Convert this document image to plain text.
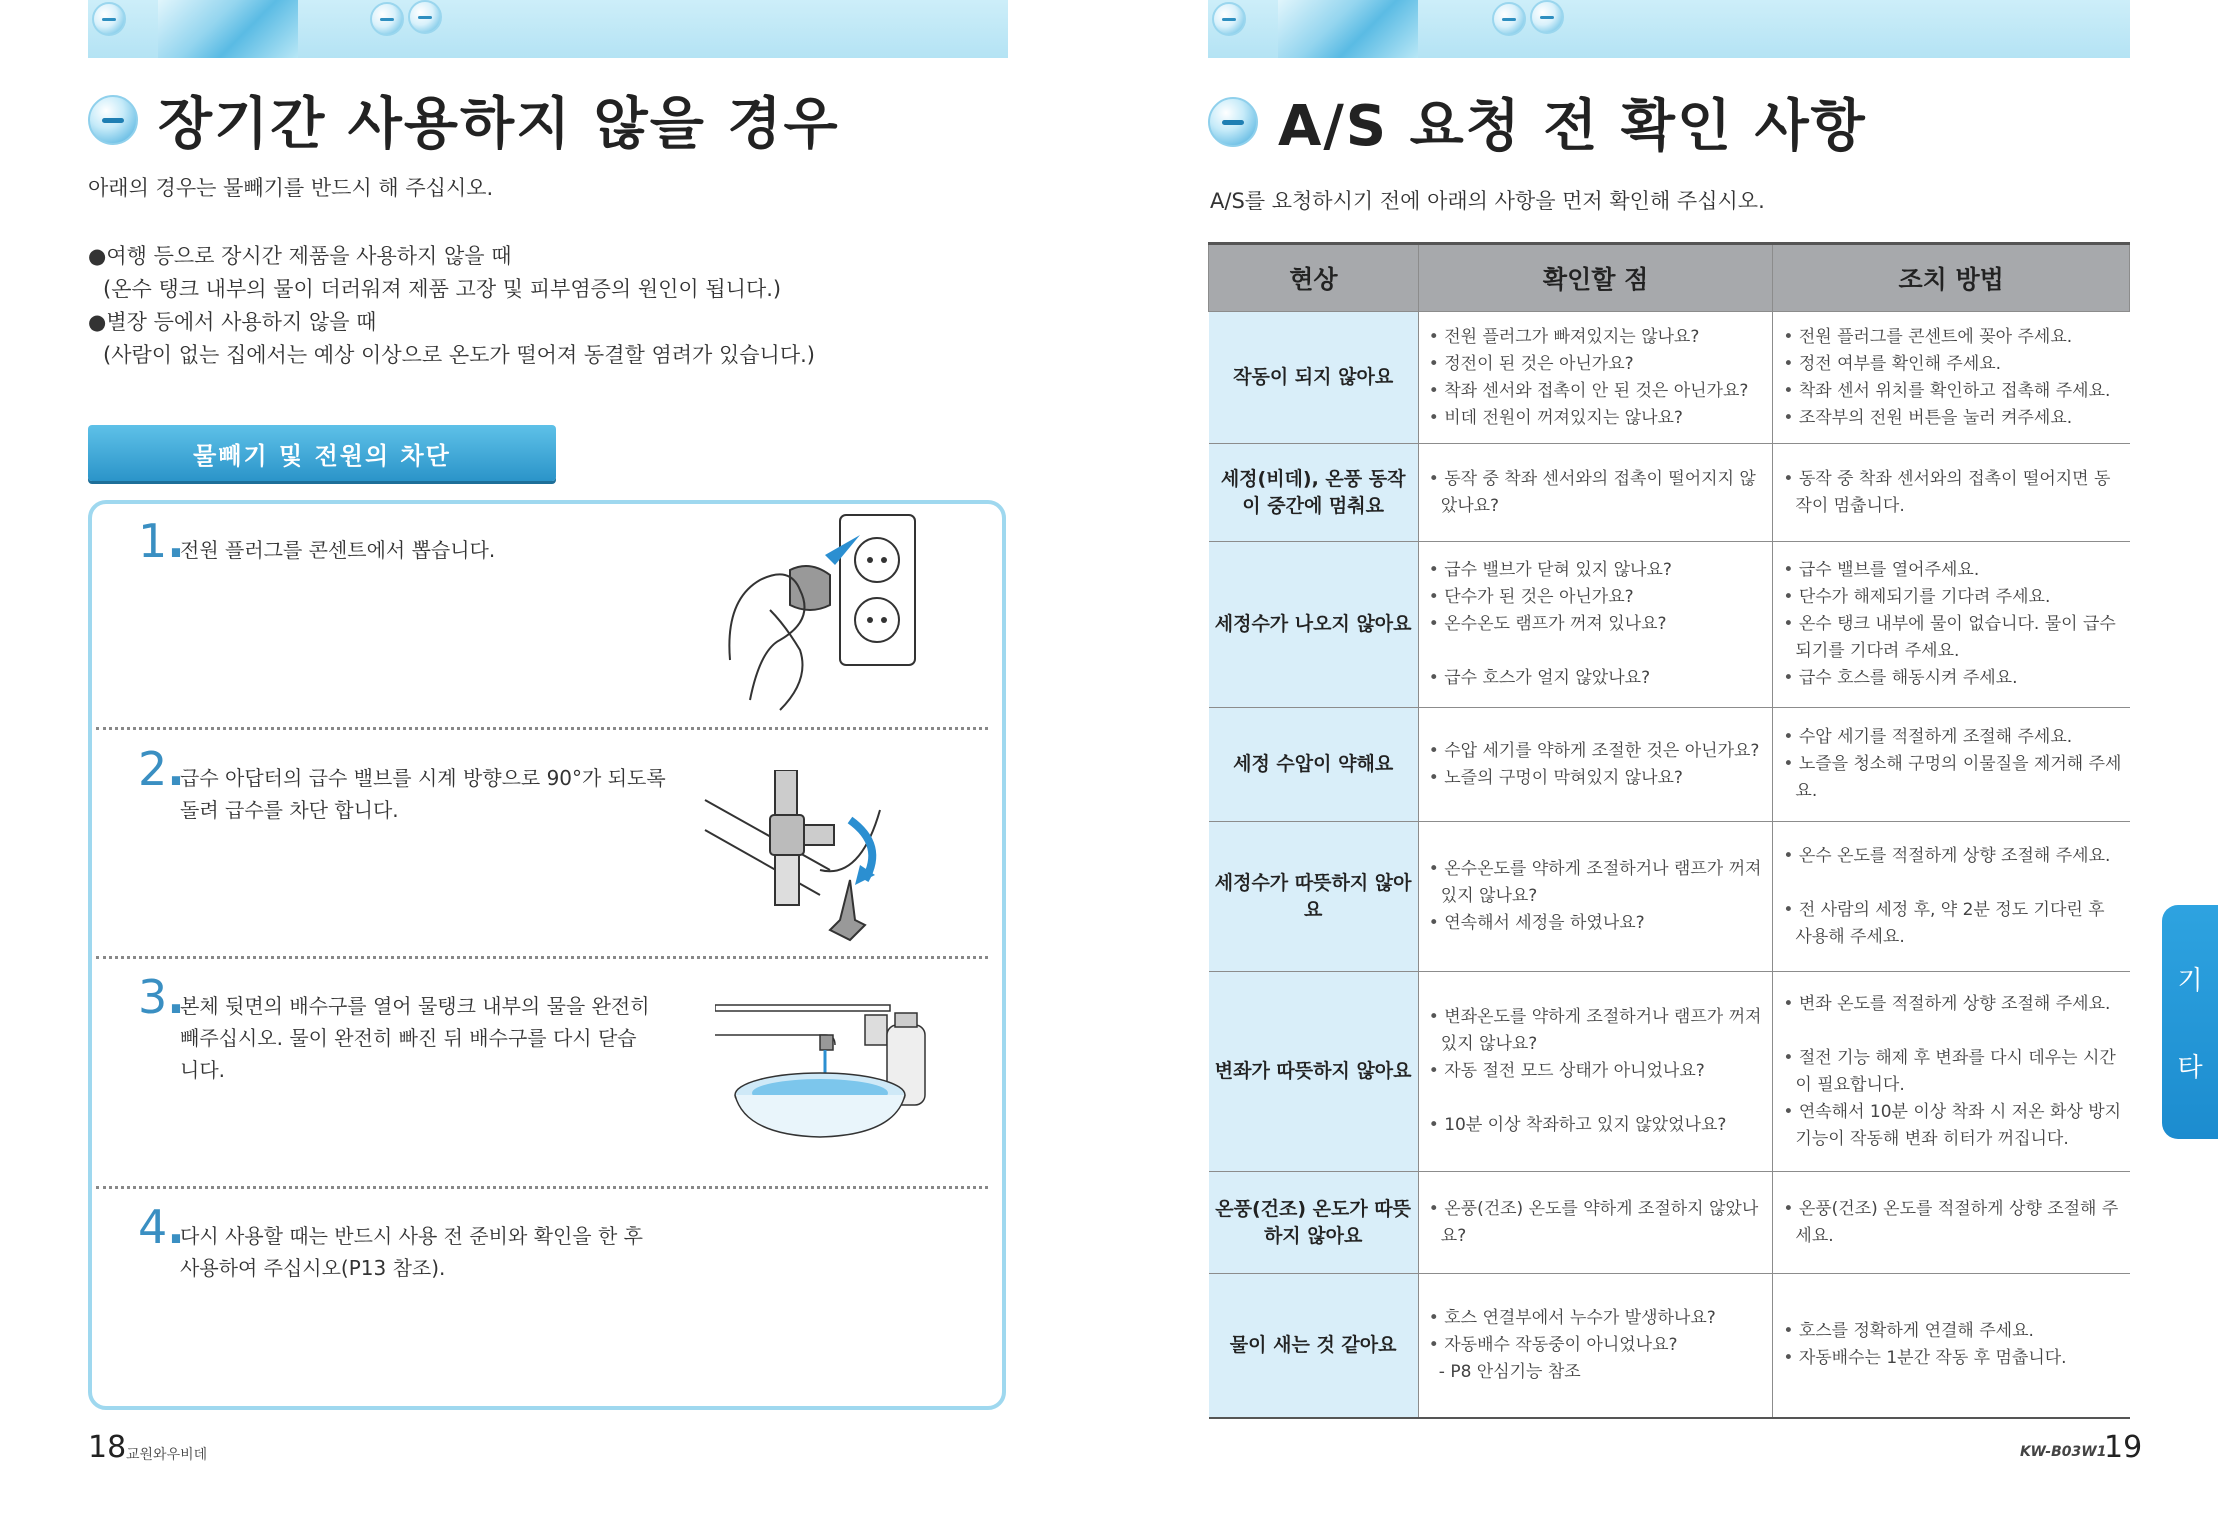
장기간 사용하지 않을 경우
아래의 경우는 물빼기를 반드시 해 주십시오.
●여행 등으로 장시간 제품을 사용하지 않을 때
(온수 탱크 내부의 물이 더러워져 제품 고장 및 피부염증의 원인이 됩니다.)
●별장 등에서 사용하지 않을 때
(사람이 없는 집에서는 예상 이상으로 온도가 떨어져 동결할 염려가 있습니다.)
물빼기 및 전원의 차단
1.
전원 플러그를 콘센트에서 뽑습니다.
2.
급수 아답터의 급수 밸브를 시계 방향으로 90°가 되도록
돌려 급수를 차단 합니다.
3.
본체 뒷면의 배수구를 열어 물탱크 내부의 물을 완전히
빼주십시오. 물이 완전히 빠진 뒤 배수구를 다시 닫습
니다.
4.
다시 사용할 때는 반드시 사용 전 준비와 확인을 한 후
사용하여 주십시오(P13 참조).
18 교원와우비데
A/S 요청 전 확인 사항
A/S를 요청하시기 전에 아래의 사항을 먼저 확인해 주십시오.
현상	확인할 점	조치 방법
작동이 되지 않아요	• 전원 플러그가 빠져있지는 않나요?
• 정전이 된 것은 아닌가요?
• 착좌 센서와 접촉이 안 된 것은 아닌가요?
• 비데 전원이 꺼져있지는 않나요?	• 전원 플러그를 콘센트에 꽂아 주세요.
• 정전 여부를 확인해 주세요.
• 착좌 센서 위치를 확인하고 접촉해 주세요.
• 조작부의 전원 버튼을 눌러 켜주세요.

세정(비데), 온풍 동작이 중간에 멈춰요	• 동작 중 착좌 센서와의 접촉이 떨어지지 않았나요?	• 동작 중 착좌 센서와의 접촉이 떨어지면 동작이 멈춥니다.

세정수가 나오지 않아요	• 급수 밸브가 닫혀 있지 않나요?
• 단수가 된 것은 아닌가요?
• 온수온도 램프가 꺼져 있나요?
• 급수 호스가 얼지 않았나요?	• 급수 밸브를 열어주세요.
• 단수가 해제되기를 기다려 주세요.
• 온수 탱크 내부에 물이 없습니다. 물이 급수되기를 기다려 주세요.
• 급수 호스를 해동시켜 주세요.

세정 수압이 약해요	• 수압 세기를 약하게 조절한 것은 아닌가요?
• 노즐의 구멍이 막혀있지 않나요?	• 수압 세기를 적절하게 조절해 주세요.
• 노즐을 청소해 구멍의 이물질을 제거해 주세요.

세정수가 따뜻하지 않아요	• 온수온도를 약하게 조절하거나 램프가 꺼져 있지 않나요?
• 연속해서 세정을 하였나요?	• 온수 온도를 적절하게 상향 조절해 주세요.
• 전 사람의 세정 후, 약 2분 정도 기다린 후 사용해 주세요.

변좌가 따뜻하지 않아요	• 변좌온도를 약하게 조절하거나 램프가 꺼져 있지 않나요?
• 자동 절전 모드 상태가 아니었나요?
• 10분 이상 착좌하고 있지 않았었나요?	• 변좌 온도를 적절하게 상향 조절해 주세요.
• 절전 기능 해제 후 변좌를 다시 데우는 시간이 필요합니다.
• 연속해서 10분 이상 착좌 시 저온 화상 방지 기능이 작동해 변좌 히터가 꺼집니다.

온풍(건조) 온도가 따뜻하지 않아요	• 온풍(건조) 온도를 약하게 조절하지 않았나요?	• 온풍(건조) 온도를 적절하게 상향 조절해 주세요.

물이 새는 것 같아요	• 호스 연결부에서 누수가 발생하나요?
• 자동배수 작동중이 아니었나요?
- P8 안심기능 참조	• 호스를 정확하게 연결해 주세요.
• 자동배수는 1분간 작동 후 멈춥니다.
기
타
KW-B03W1
19
